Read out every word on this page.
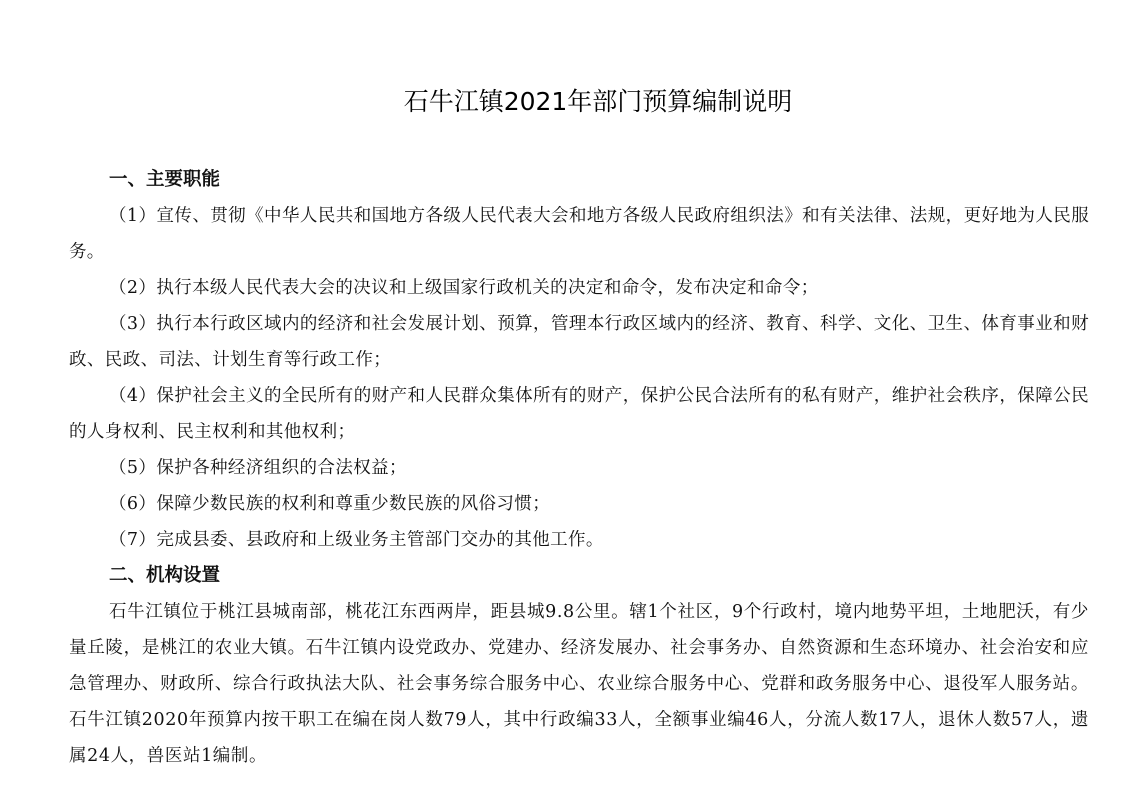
石牛江镇2021年部门预算编制说明
一、主要职能

（1）宣传、贯彻《中华人民共和国地方各级人民代表大会和地方各级人民政府组织法》和有关法律、法规，更好地为人民服务。

（2）执行本级人民代表大会的决议和上级国家行政机关的决定和命令，发布决定和命令；

（3）执行本行政区域内的经济和社会发展计划、预算，管理本行政区域内的经济、教育、科学、文化、卫生、体育事业和财政、民政、司法、计划生育等行政工作；

（4）保护社会主义的全民所有的财产和人民群众集体所有的财产，保护公民合法所有的私有财产，维护社会秩序，保障公民的人身权利、民主权利和其他权利；

（5）保护各种经济组织的合法权益；

（6）保障少数民族的权利和尊重少数民族的风俗习惯；

（7）完成县委、县政府和上级业务主管部门交办的其他工作。

二、机构设置

石牛江镇位于桃江县城南部，桃花江东西两岸，距县城9.8公里。辖1个社区，9个行政村，境内地势平坦，土地肥沃，有少量丘陵，是桃江的农业大镇。石牛江镇内设党政办、党建办、经济发展办、社会事务办、自然资源和生态环境办、社会治安和应急管理办、财政所、综合行政执法大队、社会事务综合服务中心、农业综合服务中心、党群和政务服务中心、退役军人服务站。石牛江镇2020年预算内按干职工在编在岗人数79人，其中行政编33人，全额事业编46人，分流人数17人，退休人数57人，遗属24人，兽医站1编制。
